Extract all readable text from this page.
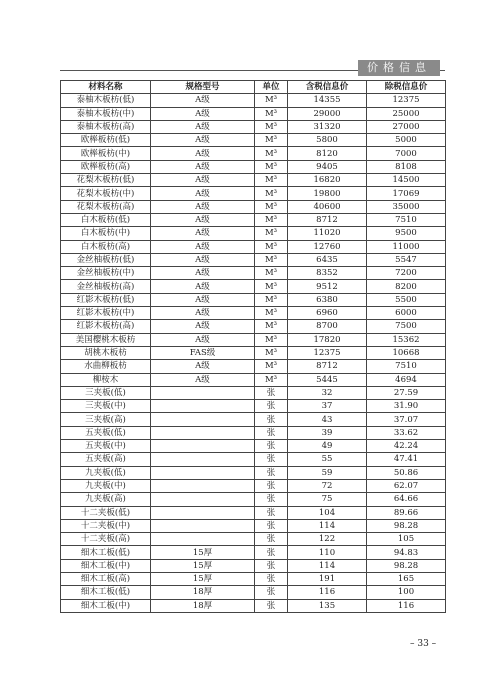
价格信息
材料名称	规格型号	单位	含税信息价	除税信息价
泰柚木板枋(低)	A级	M³	14355	12375
泰柚木板枋(中)	A级	M³	29000	25000
泰柚木板枋(高)	A级	M³	31320	27000
欧榉板枋(低)	A级	M³	5800	5000
欧榉板枋(中)	A级	M³	8120	7000
欧榉板枋(高)	A级	M³	9405	8108
花梨木板枋(低)	A级	M³	16820	14500
花梨木板枋(中)	A级	M³	19800	17069
花梨木板枋(高)	A级	M³	40600	35000
白木板枋(低)	A级	M³	8712	7510
白木板枋(中)	A级	M³	11020	9500
白木板枋(高)	A级	M³	12760	11000
金丝柚板枋(低)	A级	M³	6435	5547
金丝柚板枋(中)	A级	M³	8352	7200
金丝柚板枋(高)	A级	M³	9512	8200
红影木板枋(低)	A级	M³	6380	5500
红影木板枋(中)	A级	M³	6960	6000
红影木板枋(高)	A级	M³	8700	7500
美国樱桃木板枋	A级	M³	17820	15362
胡桃木板枋	FAS级	M³	12375	10668
水曲柳板枋	A级	M³	8712	7510
柳桉木	A级	M³	5445	4694
三夹板(低)		张	32	27.59
三夹板(中)		张	37	31.90
三夹板(高)		张	43	37.07
五夹板(低)		张	39	33.62
五夹板(中)		张	49	42.24
五夹板(高)		张	55	47.41
九夹板(低)		张	59	50.86
九夹板(中)		张	72	62.07
九夹板(高)		张	75	64.66
十二夹板(低)		张	104	89.66
十二夹板(中)		张	114	98.28
十二夹板(高)		张	122	105
细木工板(低)	15厚	张	110	94.83
细木工板(中)	15厚	张	114	98.28
细木工板(高)	15厚	张	191	165
细木工板(低)	18厚	张	116	100
细木工板(中)	18厚	张	135	116
– 33 –
